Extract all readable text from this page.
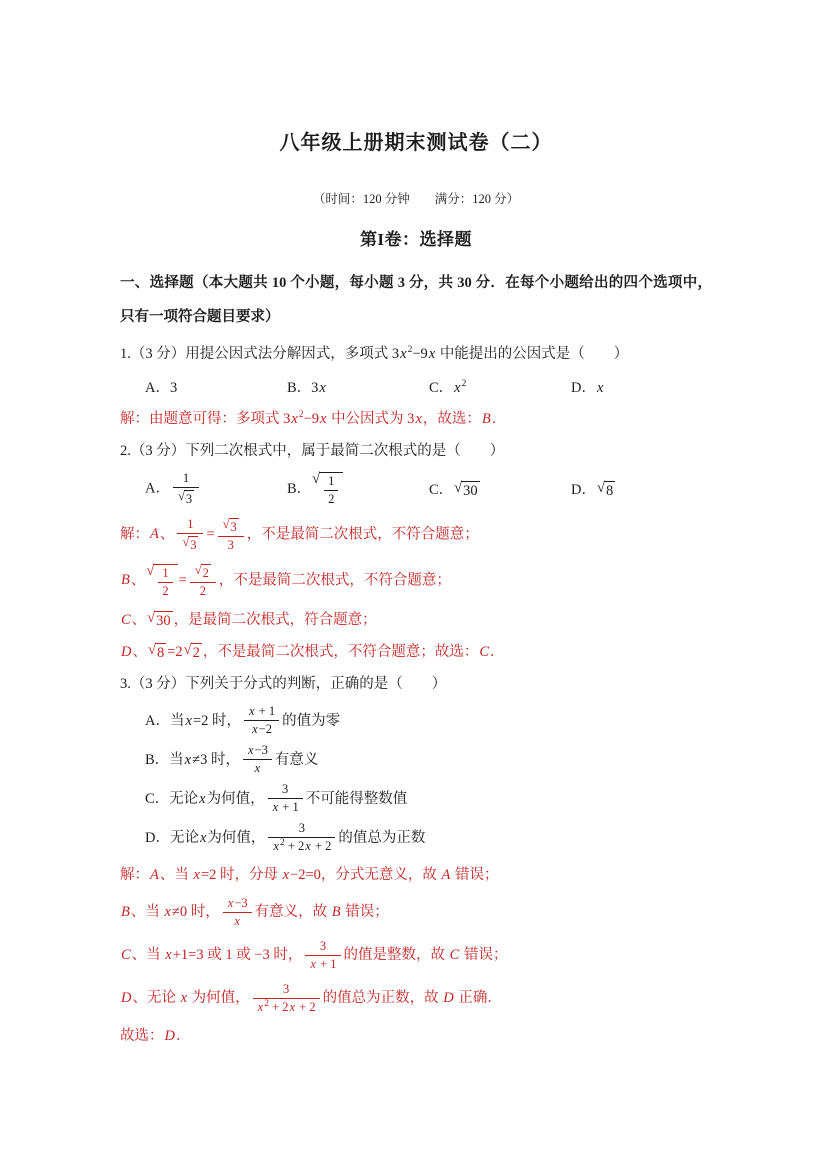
八年级上册期末测试卷（二）
（时间：120 分钟　　满分：120 分）
第I卷：选择题

一、选择题（本大题共 10 个小题，每小题 3 分，共 30 分．在每个小题给出的四个选项中，只有一项符合题目要求）

1.（3 分）用提公因式法分解因式，多项式 $3x^2-9x$ 中能提出的公因式是（　　）
A．3	B．3x	C．$x^2$	D．x
解：由题意可得：多项式 $3x^2-9x$ 中公因式为 3x，故选：B．
2.（3 分）下列二次根式中，属于最简二次根式的是（　　）
A． $\frac{1}{√ 3}$	B．
√ $\frac{1}{2}$	C． √ 30	D． √ 8
解：A、 $\frac{1}{√ 3} = \frac{√ 3}{3}$ ，不是最简二次根式，不符合题意；
B、
√ $\frac{1}{2} = \frac{√ 2}{2}$ ，不是最简二次根式，不符合题意；
C、 √ 30 ，是最简二次根式，符合题意；
D、 √ 8 =2 √ 2 ，不是最简二次根式，不符合题意；故选：C．
3.（3 分）下列关于分式的判断，正确的是（　　）
A．当 x =2 时， $\frac{x + 1}{x-2}$ 的值为零
B．当 x ≠3 时， $\frac{x-3}{x}$ 有意义
C．无论 x 为何值， $\frac{3}{x + 1}$ 不可能得整数值
D．无论 x 为何值， $\frac{3}{x^2 + 2x + 2}$ 的值总为正数
解：A、当 x=2 时，分母 x−2=0，分式无意义，故 A 错误；
B、当 x≠0 时， $\frac{x-3}{x}$ 有意义，故 B 错误；
C、当 x+1=3 或 1 或 −3 时， $\frac{3}{x + 1}$ 的值是整数，故 C 错误；
D、无论 x 为何值， $\frac{3}{x^2 + 2x + 2}$ 的值总为正数，故 D 正确．
故选：D．
